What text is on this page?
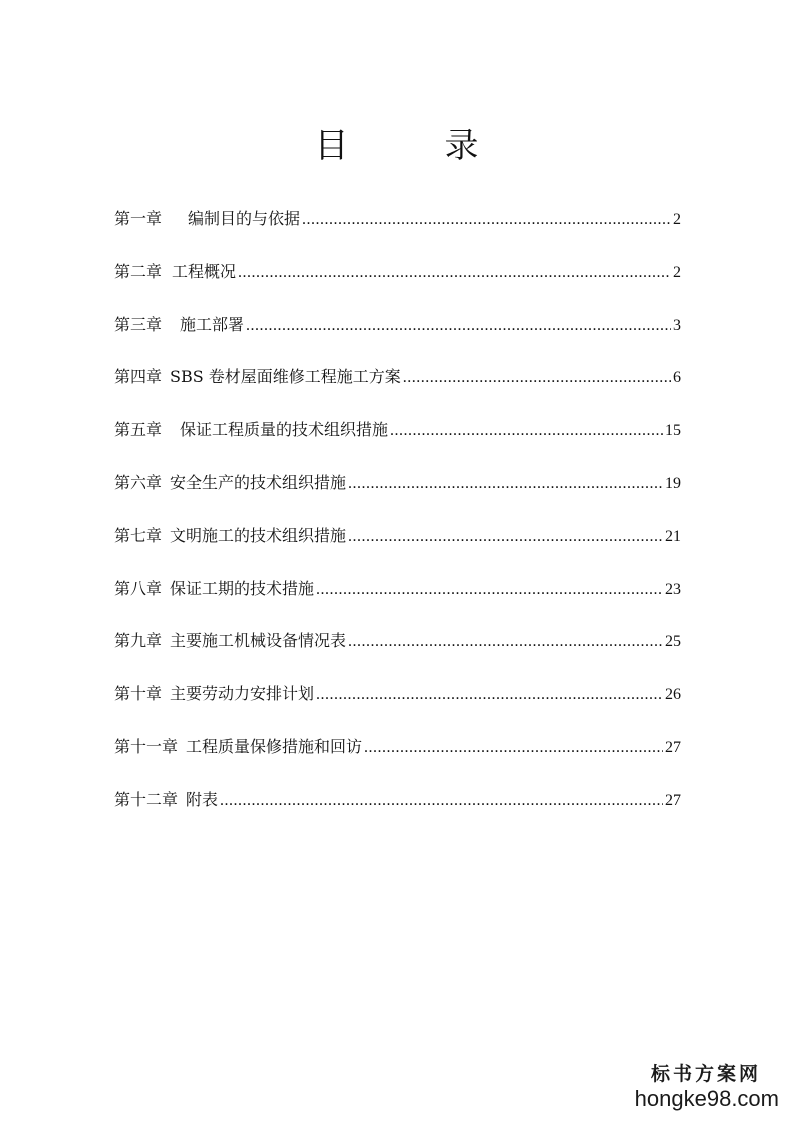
目	录
第一章 编制目的与依据 .....	2
第二章 工程概况 .....	2
第三章 施工部署 .....	3
第四章 SBS 卷材屋面维修工程施工方案 .....	6
第五章 保证工程质量的技术组织措施 .....	15
第六章 安全生产的技术组织措施 .....	19
第七章 文明施工的技术组织措施 .....	21
第八章 保证工期的技术措施 .....	23
第九章 主要施工机械设备情况表 .....	25
第十章 主要劳动力安排计划 .....	26
第十一章 工程质量保修措施和回访 .....	27
第十二章 附表 .....	27
标书方案网
hongke98.com
